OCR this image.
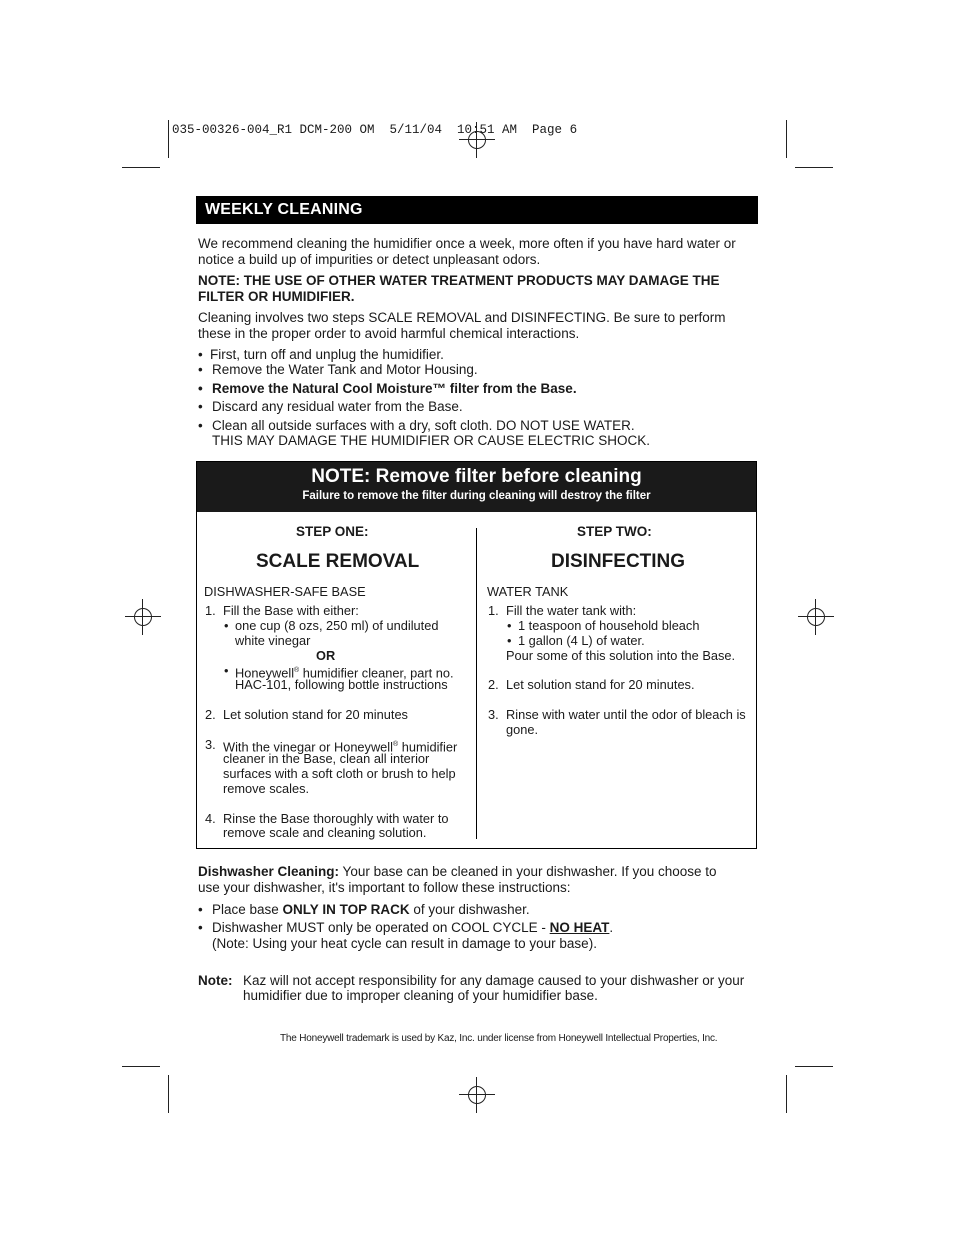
035-00326-004_R1 DCM-200 OM  5/11/04  10:51 AM  Page 6
WEEKLY CLEANING
We recommend cleaning the humidifier once a week, more often if you have hard water or notice a build up of impurities or detect unpleasant odors.
NOTE: THE USE OF OTHER WATER TREATMENT PRODUCTS MAY DAMAGE THE
FILTER OR HUMIDIFIER.
Cleaning involves two steps SCALE REMOVAL and DISINFECTING. Be sure to perform these in the proper order to avoid harmful chemical interactions.
• First, turn off and unplug the humidifier.
• Remove the Water Tank and Motor Housing.
• Remove the Natural Cool Moisture™ filter from the Base.
• Discard any residual water from the Base.
• Clean all outside surfaces with a dry, soft cloth. DO NOT USE WATER.
THIS MAY DAMAGE THE HUMIDIFIER OR CAUSE ELECTRIC SHOCK.
NOTE: Remove filter before cleaning
Failure to remove the filter during cleaning will destroy the filter
STEP ONE:
SCALE REMOVAL
DISHWASHER-SAFE BASE
1. Fill the Base with either:
• one cup (8 ozs, 250 ml) of undiluted
white vinegar
OR
• Honeywell® humidifier cleaner, part no.
HAC-101, following bottle instructions
2. Let solution stand for 20 minutes
3. With the vinegar or Honeywell® humidifier
cleaner in the Base, clean all interior
surfaces with a soft cloth or brush to help
remove scales.
4. Rinse the Base thoroughly with water to
remove scale and cleaning solution.
STEP TWO:
DISINFECTING
WATER TANK
1. Fill the water tank with:
• 1 teaspoon of household bleach
• 1 gallon (4 L) of water.
Pour some of this solution into the Base.
2. Let solution stand for 20 minutes.
3. Rinse with water until the odor of bleach is
gone.
Dishwasher Cleaning: Your base can be cleaned in your dishwasher. If you choose to
use your dishwasher, it's important to follow these instructions:
• Place base ONLY IN TOP RACK of your dishwasher.
• Dishwasher MUST only be operated on COOL CYCLE - NO HEAT.
(Note: Using your heat cycle can result in damage to your base).
Note: Kaz will not accept responsibility for any damage caused to your dishwasher or your
humidifier due to improper cleaning of your humidifier base.
The Honeywell trademark is used by Kaz, Inc. under license from Honeywell Intellectual Properties, Inc.
